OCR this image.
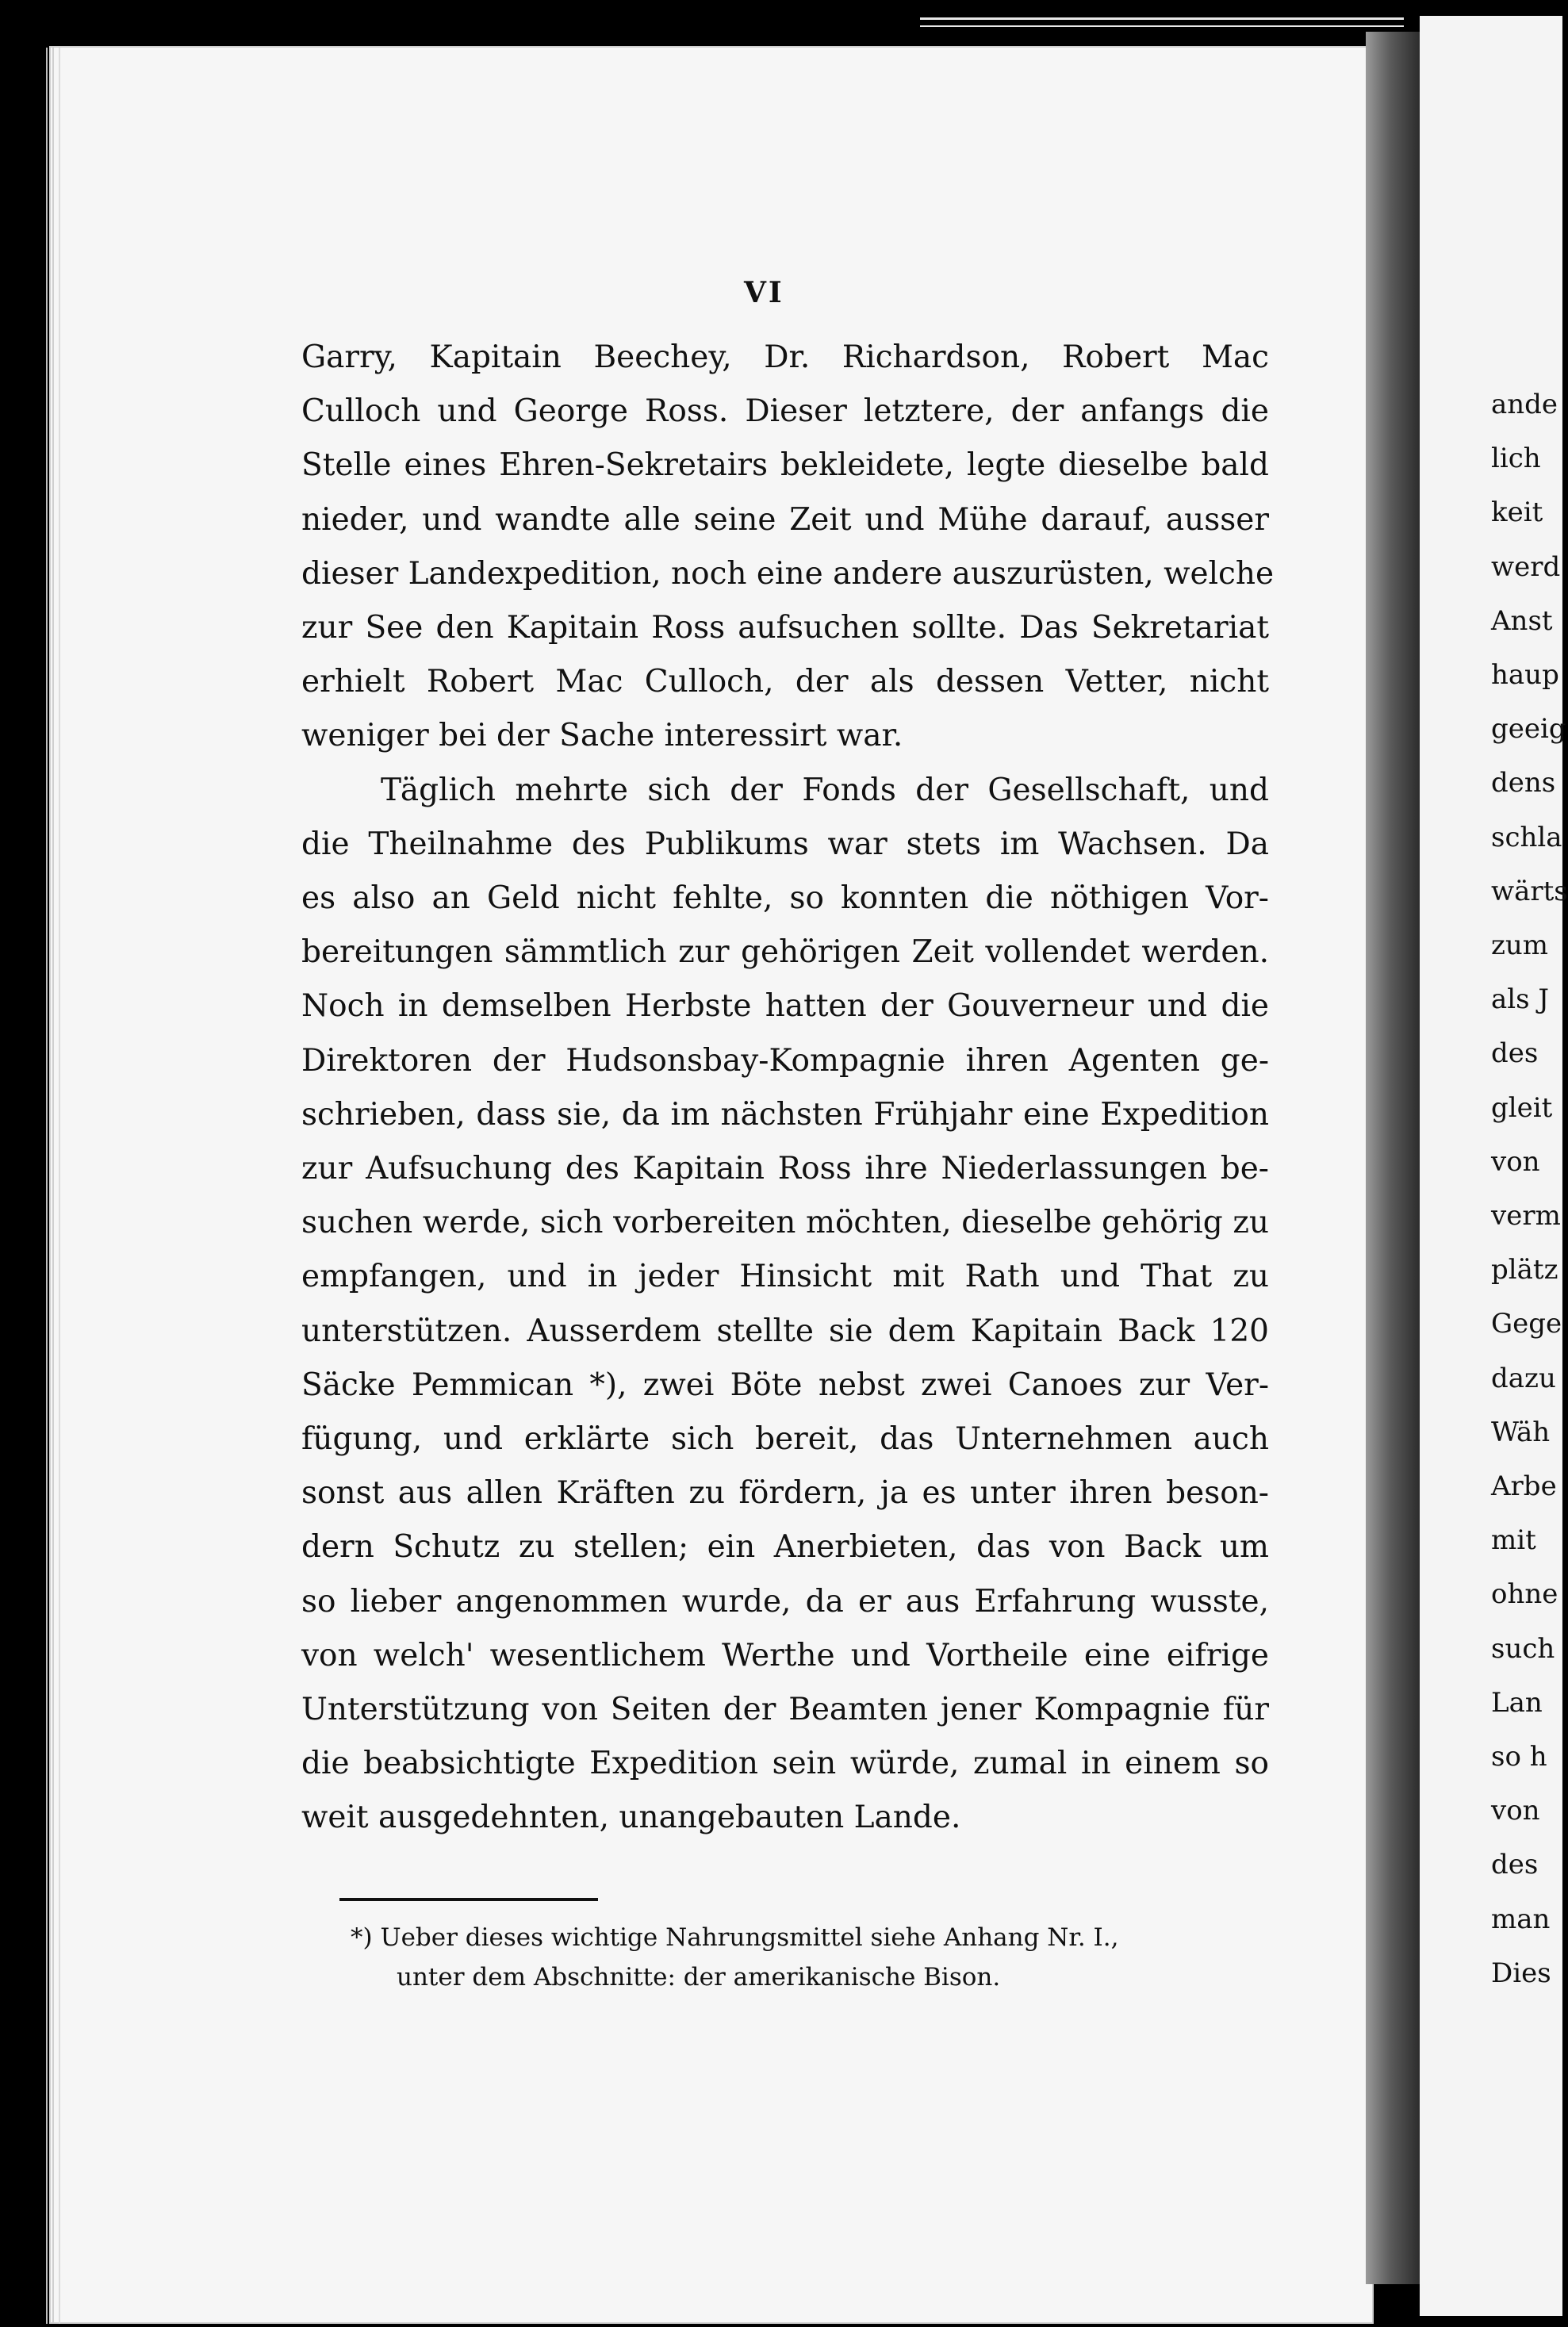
ande
lich
keit
werd
Anst
haup
geeig
dens
schla
wärts
zum
als J
des
gleit
von
verm
plätz
Gege
dazu
Wäh
Arbe
mit
ohne
such
Lan
so h
von
des
man
Dies
VI
Garry, Kapitain Beechey, Dr. Richardson, Robert Mac
Culloch und George Ross. Dieser letztere, der anfangs die
Stelle eines Ehren-Sekretairs bekleidete, legte dieselbe bald
nieder, und wandte alle seine Zeit und Mühe darauf, ausser
dieser Landexpedition, noch eine andere auszurüsten, welche
zur See den Kapitain Ross aufsuchen sollte. Das Sekretariat
erhielt Robert Mac Culloch, der als dessen Vetter, nicht
weniger bei der Sache interessirt war.
Täglich mehrte sich der Fonds der Gesellschaft, und
die Theilnahme des Publikums war stets im Wachsen. Da
es also an Geld nicht fehlte, so konnten die nöthigen Vor-
bereitungen sämmtlich zur gehörigen Zeit vollendet werden.
Noch in demselben Herbste hatten der Gouverneur und die
Direktoren der Hudsonsbay-Kompagnie ihren Agenten ge-
schrieben, dass sie, da im nächsten Frühjahr eine Expedition
zur Aufsuchung des Kapitain Ross ihre Niederlassungen be-
suchen werde, sich vorbereiten möchten, dieselbe gehörig zu
empfangen, und in jeder Hinsicht mit Rath und That zu
unterstützen. Ausserdem stellte sie dem Kapitain Back 120
Säcke Pemmican *), zwei Böte nebst zwei Canoes zur Ver-
fügung, und erklärte sich bereit, das Unternehmen auch
sonst aus allen Kräften zu fördern, ja es unter ihren beson-
dern Schutz zu stellen; ein Anerbieten, das von Back um
so lieber angenommen wurde, da er aus Erfahrung wusste,
von welch' wesentlichem Werthe und Vortheile eine eifrige
Unterstützung von Seiten der Beamten jener Kompagnie für
die beabsichtigte Expedition sein würde, zumal in einem so
weit ausgedehnten, unangebauten Lande.
*) Ueber dieses wichtige Nahrungsmittel siehe Anhang Nr. I.,
unter dem Abschnitte: der amerikanische Bison.
